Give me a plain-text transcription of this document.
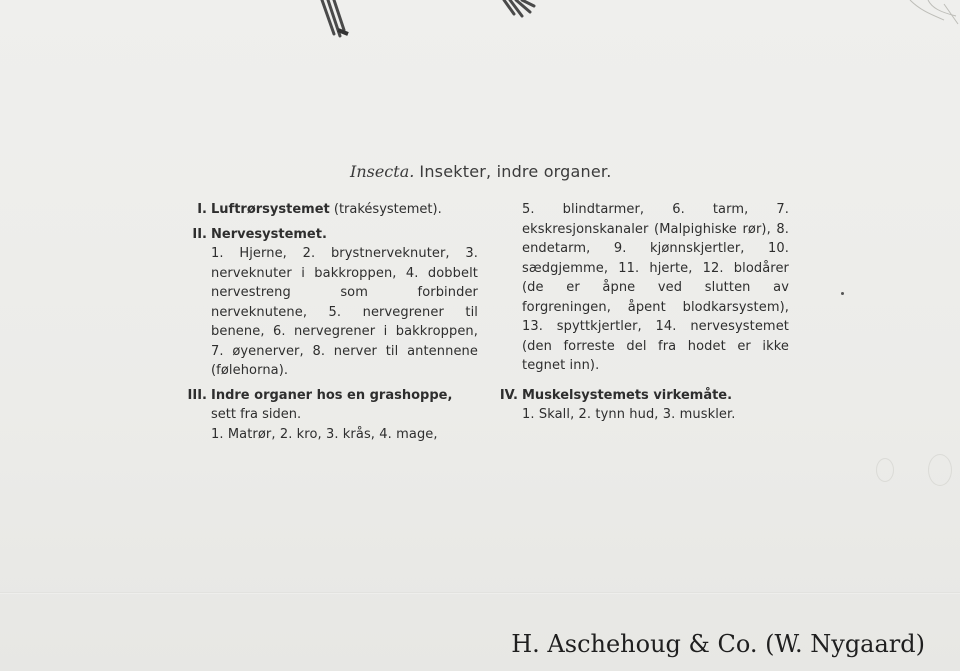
Insecta. Insekter, indre organer.
I. Luftrørsystemet (trakésystemet).
II. Nervesystemet.
1. Hjerne, 2. brystnerveknuter, 3. nerveknuter i bakkroppen, 4. dobbelt nervestreng som forbinder nerveknutene, 5. nervegrener til benene, 6. nervegrener i bakkroppen, 7. øyenerver, 8. nerver til antennene (følehorna).
III. Indre organer hos en grashoppe, sett fra siden.
1. Matrør, 2. kro, 3. krås, 4. mage,
5. blindtarmer, 6. tarm, 7. ekskresjonskanaler (Malpighiske rør), 8. endetarm, 9. kjønnskjertler, 10. sædgjemme, 11. hjerte, 12. blodårer (de er åpne ved slutten av forgreningen, åpent blodkarsystem), 13. spyttkjertler, 14. nervesystemet (den forreste del fra hodet er ikke tegnet inn).
IV. Muskelsystemets virkemåte.
1. Skall, 2. tynn hud, 3. muskler.
H. Aschehoug & Co. (W. Nygaard)
